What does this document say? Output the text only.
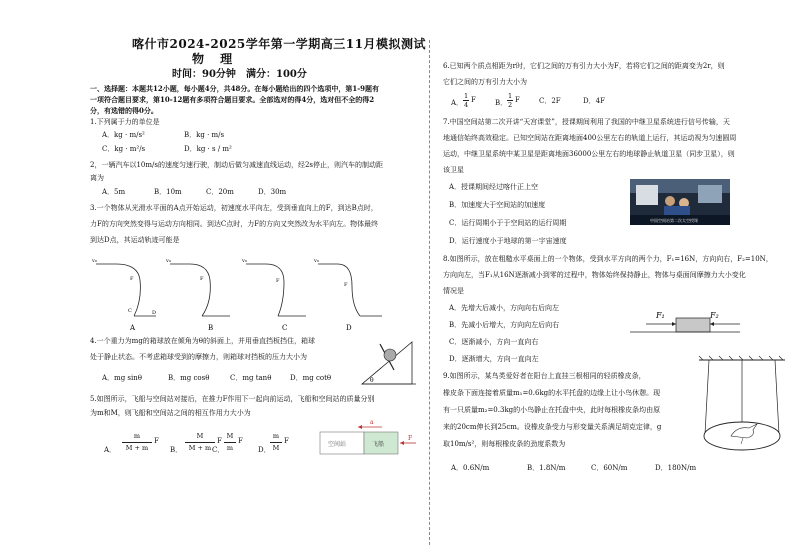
喀什市2024-2025学年第一学期高三11月模拟测试
物 理
时间：90分钟 满分：100分
一、选择题：本题共12小题，每小题4分，共48分。在每小题给出的四个选项中，第1-9题有
一项符合题目要求，第10-12题有多项符合题目要求。全部选对的得4分，选对但不全的得2
分，有选错的得0分。
1.下列属于力的单位是
A．kg · m/s²	B．kg · m/s
C．kg · m²/s	D．kg · s / m²
2，一辆汽车以10m/s的速度匀速行驶，制动后做匀减速直线运动，经2s停止，则汽车的制动距
离为
A．5m	B．10m	C．20m	D．30m
3.一个物体从光滑水平面的A点开始运动，初速度水平向左，受到垂直向上的F，到达B点时，
力F的方向突然变得与运动方向相同。到达C点时，力F的方向又突然改为水平向左。物体最终
到达D点，其运动轨迹可能是
v₀
F
C	D
A
v₀
F
B
v₀
F
C
v₀
F
D
4.一个重力为mg的箱球放在倾角为θ的斜面上，并用垂直挡板挡住，箱球
处于静止状态。不考虑箱球受到的摩擦力，则箱球对挡板的压力大小为
A．mg sinθ	B．mg cosθ	C．mg tanθ	D．mg cotθ	θ
5.如图所示，飞船与空间站对接后，在推力F作用下一起向前运动，飞船和空间站的质量分别
为m和M，则飞船和空间站之间的相互作用力大小为
A．
m
M + m
F
B．
M
M + m
F
C．
M
m
F
D．
m
M
F
a
空间站	飞船
F
6.已知两个质点相距为r时，它们之间的万有引力大小为F，若将它们之间的距离变为2r，则
它们之间的万有引力大小为
A．
1
4
F	B．
1
2
F	C．2F	D．4F
7.中国空间站第二次开讲“天宫课堂”，授课期间利用了我国的中继卫星系统进行信号传输，天
地通信始终高效稳定。已知空间站在距离地面400公里左右的轨道上运行，其运动视为匀速圆周
运动，中继卫星系统中某卫星是距离地面36000公里左右的地球静止轨道卫星（同步卫星），则
该卫星
A．授课期间经过喀什正上空
B．加速度大于空间站的加速度
C．运行周期小于于空间站的运行周期
D．运行速度小于地球的第一宇宙速度
中国空间站第二次太空授课
8.如图所示，放在粗糙水平桌面上的一个物体，受到水平方向的两个力，F₁=16N，方向向右，F₂=10N，
方向向左，当F₁从16N逐渐减小到零的过程中，物体始终保持静止，物体与桌面间摩擦力大小变化
情况是
A．先增大后减小，方向向右后向左
B．先减小后增大，方向向左后向右
C．逐渐减小，方向一直向右
D．逐渐增大，方向一直向左
F₁	F₂
9.如图所示，某鸟类爱好者在阳台上直挂三根相同的轻质橡皮条，
橡皮条下面连接着质量m₁=0.6kg的水平托盘的边缘上让小鸟休憩。现
有一只质量m₂=0.3kg的小鸟静止在托盘中央，此时每根橡皮条均由原
来的20cm伸长到25cm。设橡皮条受力与形变量关系满足胡克定律，g
取10m/s²，则每根橡皮条的劲度系数为
A．0.6N/m	B．1.8N/m	C．60N/m	D．180N/m
